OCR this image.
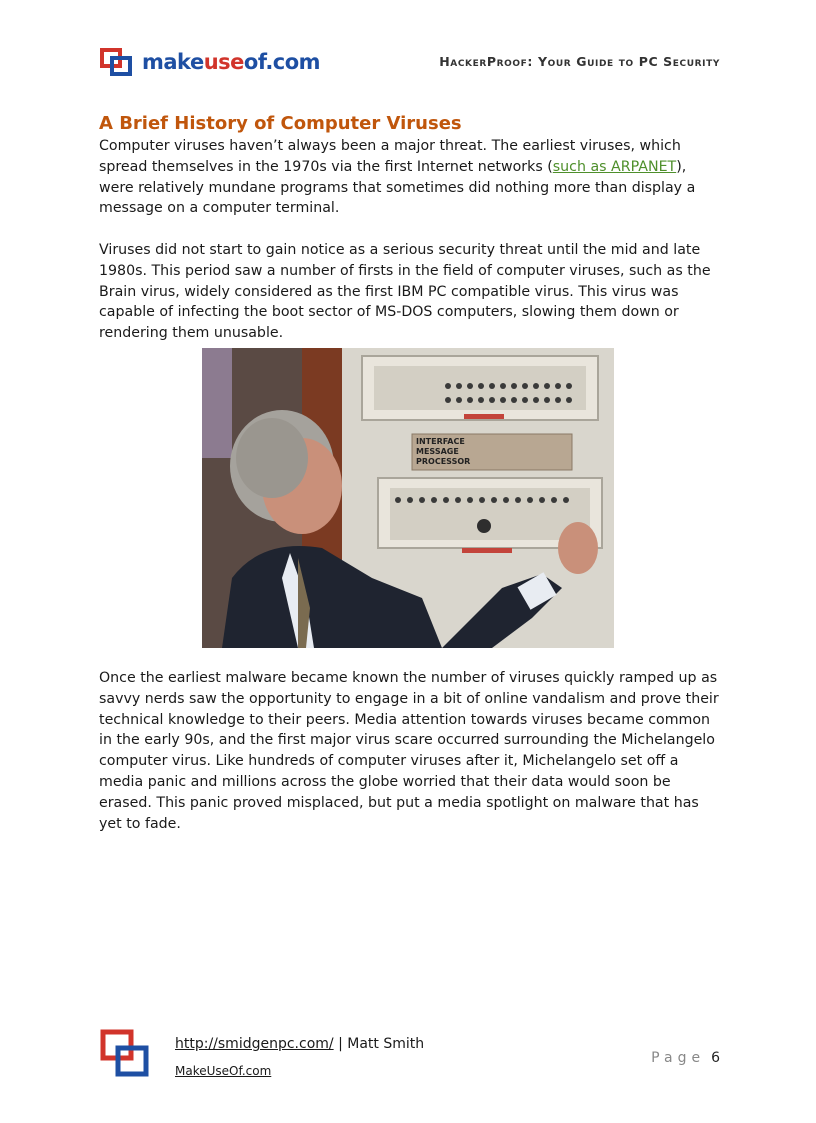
makeuseof.com	HackerProof: Your Guide to PC Security
A Brief History of Computer Viruses

Computer viruses haven’t always been a major threat. The earliest viruses, which spread themselves in the 1970s via the first Internet networks (such as ARPANET), were relatively mundane programs that sometimes did nothing more than display a message on a computer terminal.

Viruses did not start to gain notice as a serious security threat until the mid and late 1980s. This period saw a number of firsts in the field of computer viruses, such as the Brain virus, widely considered as the first IBM PC compatible virus. This virus was capable of infecting the boot sector of MS-DOS computers, slowing them down or rendering them unusable.

INTERFACE
MESSAGE
PROCESSOR

Once the earliest malware became known the number of viruses quickly ramped up as savvy nerds saw the opportunity to engage in a bit of online vandalism and prove their technical knowledge to their peers. Media attention towards viruses became common in the early 90s, and the first major virus scare occurred surrounding the Michelangelo computer virus. Like hundreds of computer viruses after it, Michelangelo set off a media panic and millions across the globe worried that their data would soon be erased. This panic proved misplaced, but put a media spotlight on malware that has yet to fade.

http://smidgenpc.com/ | Matt Smith
MakeUseOf.com
Page 6
